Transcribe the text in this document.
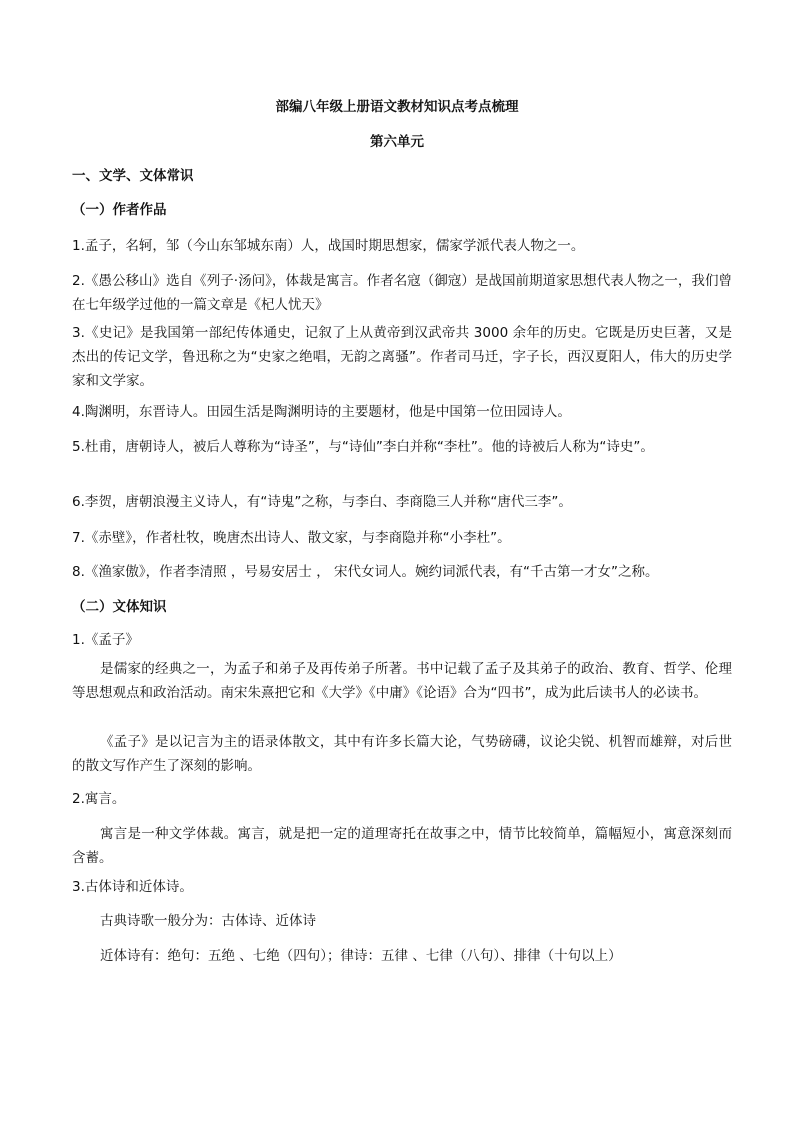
部编八年级上册语文教材知识点考点梳理
第六单元
一、文学、文体常识
（一）作者作品
1.孟子，名轲，邹（今山东邹城东南）人，战国时期思想家，儒家学派代表人物之一。
2.《愚公移山》选自《列子·汤问》，体裁是寓言。作者名寇（御寇）是战国前期道家思想代表人物之一，我们曾在七年级学过他的一篇文章是《杞人忧天》
3.《史记》是我国第一部纪传体通史，记叙了上从黄帝到汉武帝共 3000 余年的历史。它既是历史巨著，又是杰出的传记文学，鲁迅称之为“史家之绝唱，无韵之离骚”。作者司马迁，字子长，西汉夏阳人，伟大的历史学家和文学家。
4.陶渊明，东晋诗人。田园生活是陶渊明诗的主要题材，他是中国第一位田园诗人。
5.杜甫，唐朝诗人，被后人尊称为“诗圣”，与“诗仙”李白并称“李杜”。他的诗被后人称为“诗史”。
6.李贺，唐朝浪漫主义诗人，有“诗鬼”之称，与李白、李商隐三人并称“唐代三李”。
7.《赤壁》，作者杜牧，晚唐杰出诗人、散文家，与李商隐并称“小李杜”。
8.《渔家傲》，作者李清照 ，号易安居士 ， 宋代女词人。婉约词派代表，有“千古第一才女”之称。
（二）文体知识
1.《孟子》
是儒家的经典之一，为孟子和弟子及再传弟子所著。书中记载了孟子及其弟子的政治、教育、哲学、伦理等思想观点和政治活动。南宋朱熹把它和《大学》《中庸》《论语》合为“四书”，成为此后读书人的必读书。
《孟子》是以记言为主的语录体散文，其中有许多长篇大论，气势磅礴，议论尖锐、机智而雄辩，对后世的散文写作产生了深刻的影响。
2.寓言。
寓言是一种文学体裁。寓言，就是把一定的道理寄托在故事之中，情节比较简单，篇幅短小，寓意深刻而含蓄。
3.古体诗和近体诗。
古典诗歌一般分为：古体诗、近体诗
近体诗有：绝句：五绝 、七绝（四句）；律诗：五律 、七律（八句）、排律（十句以上）
